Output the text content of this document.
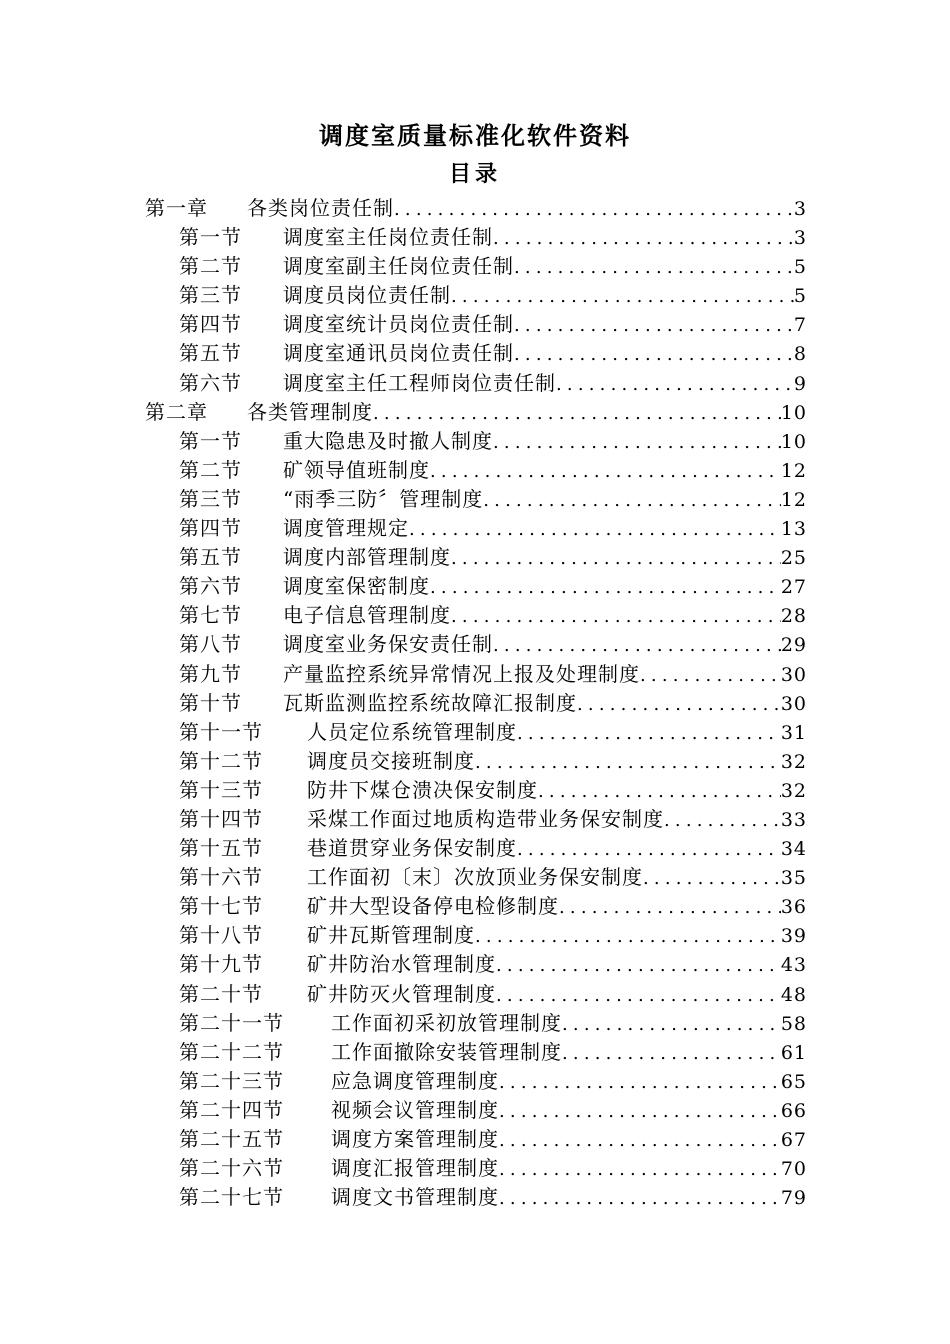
调度室质量标准化软件资料
目录
第一章 各类岗位责任制 .....	3
第一节 调度室主任岗位责任制 .....	3
第二节 调度室副主任岗位责任制 .....	5
第三节 调度员岗位责任制 .....	5
第四节 调度室统计员岗位责任制 .....	7
第五节 调度室通讯员岗位责任制 .....	8
第六节 调度室主任工程师岗位责任制 .....	9
第二章 各类管理制度 .....	10
第一节 重大隐患及时撤人制度 .....	10
第二节 矿领导值班制度 .....	12
第三节 “雨季三防〞管理制度 .....	12
第四节 调度管理规定 .....	13
第五节 调度内部管理制度 .....	25
第六节 调度室保密制度 .....	27
第七节 电子信息管理制度 .....	28
第八节 调度室业务保安责任制 .....	29
第九节 产量监控系统异常情况上报及处理制度 .....	30
第十节 瓦斯监测监控系统故障汇报制度 .....	30
第十一节 人员定位系统管理制度 .....	31
第十二节 调度员交接班制度 .....	32
第十三节 防井下煤仓溃决保安制度 .....	32
第十四节 采煤工作面过地质构造带业务保安制度 .....	33
第十五节 巷道贯穿业务保安制度 .....	34
第十六节 工作面初〔末〕次放顶业务保安制度 .....	35
第十七节 矿井大型设备停电检修制度 .....	36
第十八节 矿井瓦斯管理制度 .....	39
第十九节 矿井防治水管理制度 .....	43
第二十节 矿井防灭火管理制度 .....	48
第二十一节 工作面初采初放管理制度 .....	58
第二十二节 工作面撤除安装管理制度 .....	61
第二十三节 应急调度管理制度 .....	65
第二十四节 视频会议管理制度 .....	66
第二十五节 调度方案管理制度 .....	67
第二十六节 调度汇报管理制度 .....	70
第二十七节 调度文书管理制度 .....	79
